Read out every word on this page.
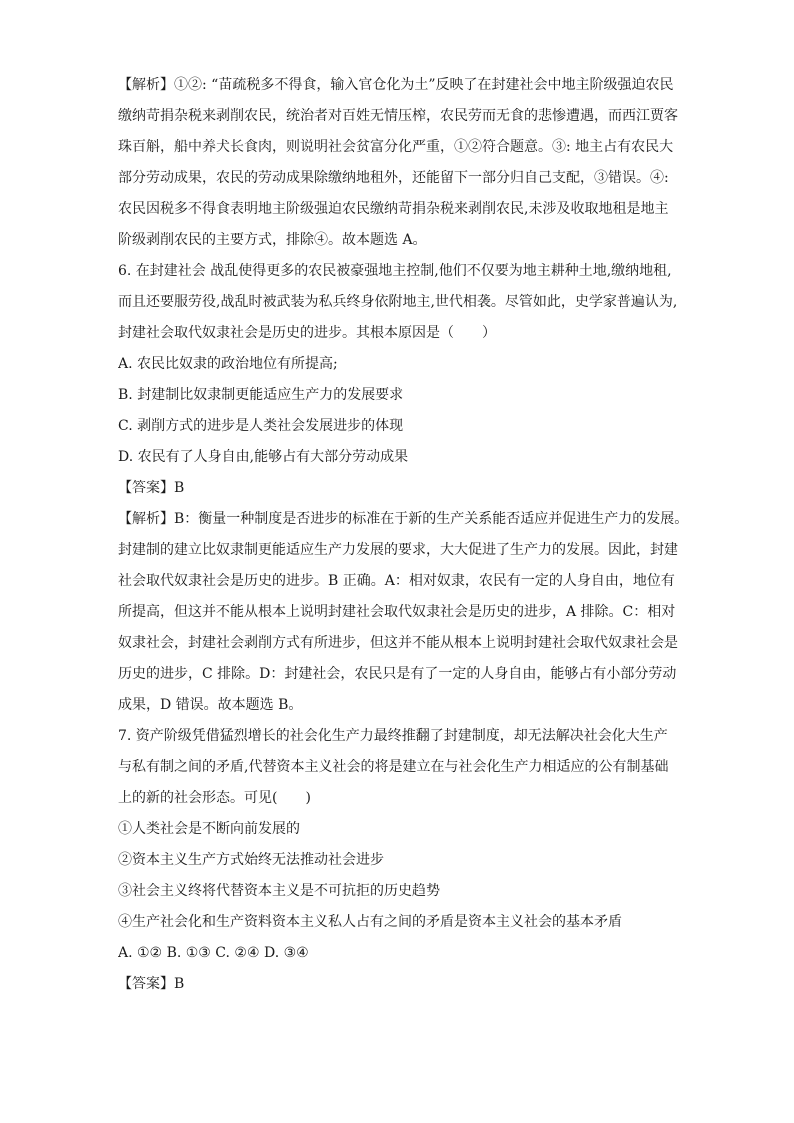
【解析】①②: “苗疏税多不得食，输入官仓化为土”反映了在封建社会中地主阶级强迫农民
缴纳苛捐杂税来剥削农民，统治者对百姓无情压榨，农民劳而无食的悲惨遭遇，而西江贾客
珠百斛，船中养犬长食肉，则说明社会贫富分化严重，①②符合题意。③: 地主占有农民大
部分劳动成果，农民的劳动成果除缴纳地租外，还能留下一部分归自己支配，③错误。④:
农民因税多不得食表明地主阶级强迫农民缴纳苛捐杂税来剥削农民,未涉及收取地租是地主
阶级剥削农民的主要方式，排除④。故本题选 A。
6. 在封建社会 战乱使得更多的农民被豪强地主控制,他们不仅要为地主耕种土地,缴纳地租,
而且还要服劳役,战乱时被武装为私兵终身依附地主,世代相袭。尽管如此，史学家普遍认为,
封建社会取代奴隶社会是历史的进步。其根本原因是（　　）
A. 农民比奴隶的政治地位有所提高;
B. 封建制比奴隶制更能适应生产力的发展要求
C. 剥削方式的进步是人类社会发展进步的体现
D. 农民有了人身自由,能够占有大部分劳动成果
【答案】B
【解析】B：衡量一种制度是否进步的标准在于新的生产关系能否适应并促进生产力的发展。
封建制的建立比奴隶制更能适应生产力发展的要求，大大促进了生产力的发展。因此，封建
社会取代奴隶社会是历史的进步。B 正确。A：相对奴隶，农民有一定的人身自由，地位有
所提高，但这并不能从根本上说明封建社会取代奴隶社会是历史的进步，A 排除。C：相对
奴隶社会，封建社会剥削方式有所进步，但这并不能从根本上说明封建社会取代奴隶社会是
历史的进步，C 排除。D：封建社会，农民只是有了一定的人身自由，能够占有小部分劳动
成果，D 错误。故本题选 B。
7. 资产阶级凭借猛烈增长的社会化生产力最终推翻了封建制度，却无法解决社会化大生产
与私有制之间的矛盾,代替资本主义社会的将是建立在与社会化生产力相适应的公有制基础
上的新的社会形态。可见(　　)
①人类社会是不断向前发展的
②资本主义生产方式始终无法推动社会进步
③社会主义终将代替资本主义是不可抗拒的历史趋势
④生产社会化和生产资料资本主义私人占有之间的矛盾是资本主义社会的基本矛盾
A. ①② B. ①③ C. ②④ D. ③④
【答案】B
